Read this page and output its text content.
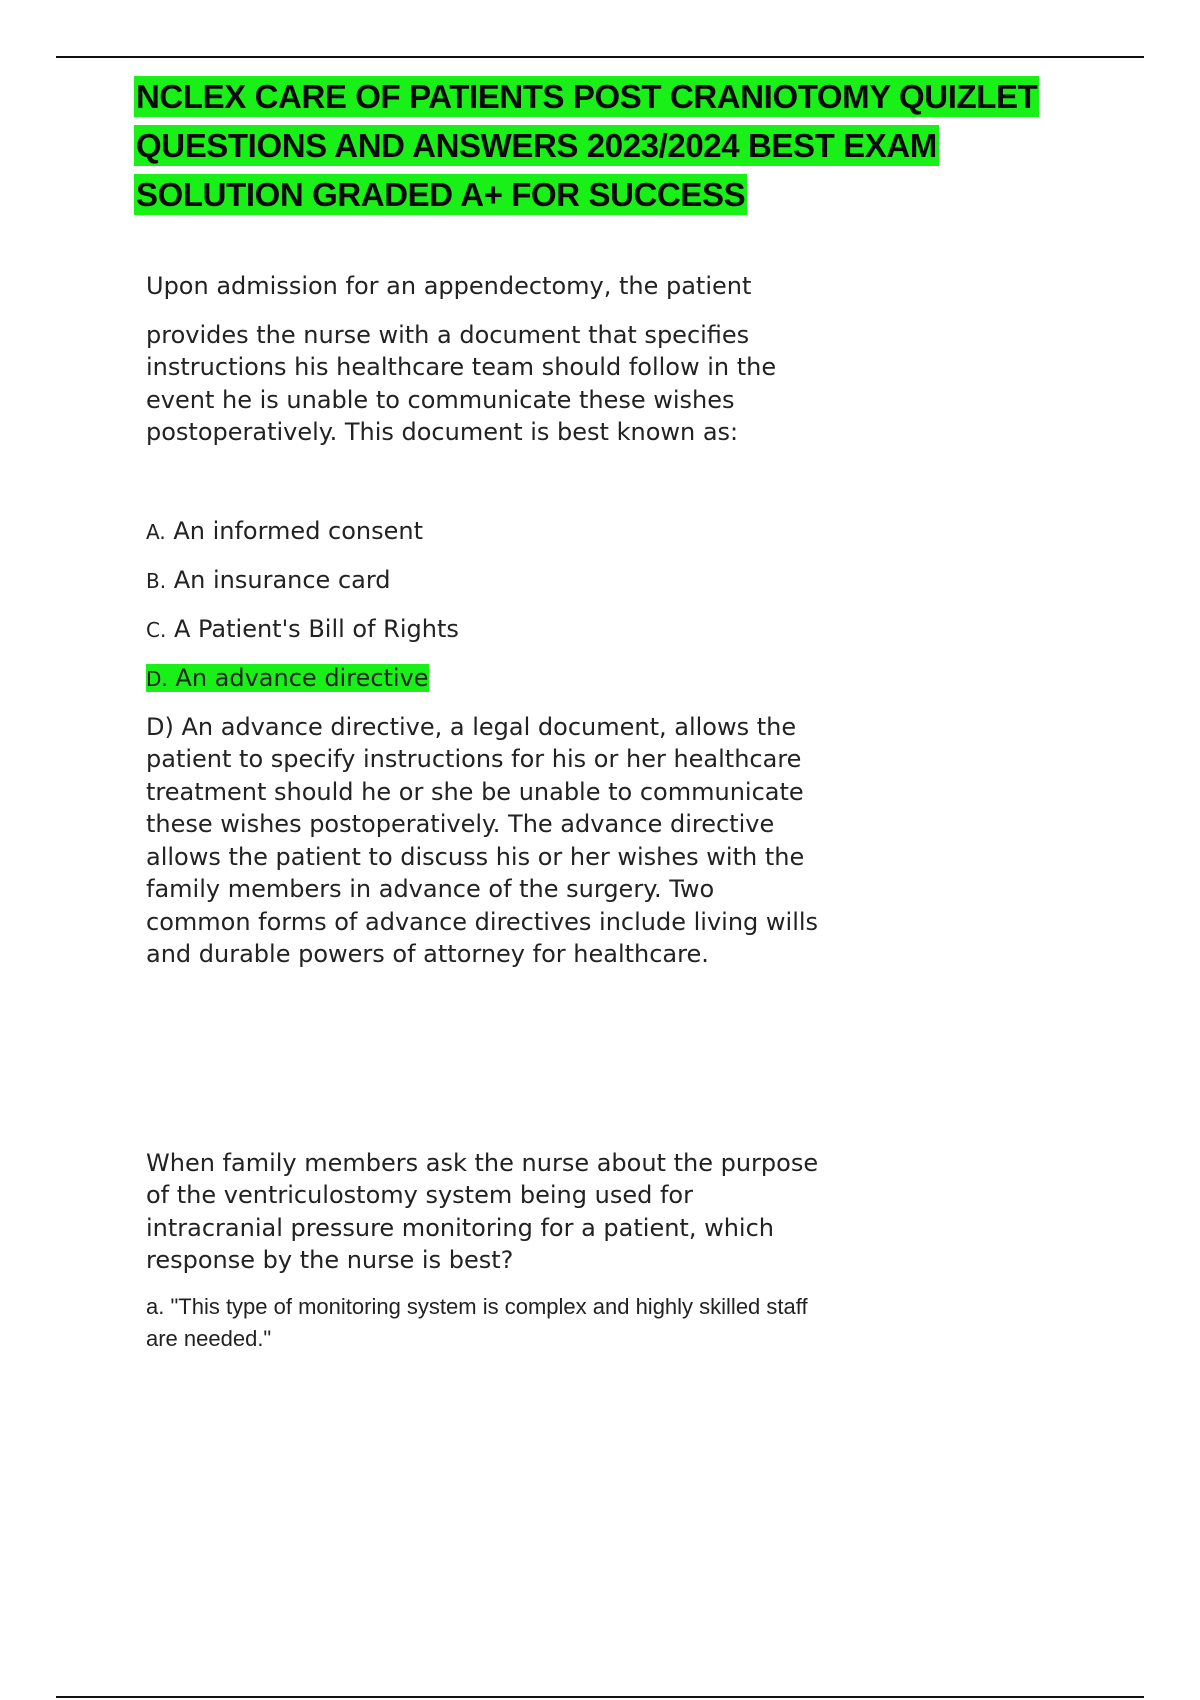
NCLEX CARE OF PATIENTS POST CRANIOTOMY QUIZLET QUESTIONS AND ANSWERS 2023/2024 BEST EXAM SOLUTION GRADED A+ FOR SUCCESS

Upon admission for an appendectomy, the patient

provides the nurse with a document that specifies instructions his healthcare team should follow in the event he is unable to communicate these wishes postoperatively. This document is best known as:

A. An informed consent

B. An insurance card

C. A Patient's Bill of Rights

D. An advance directive

D) An advance directive, a legal document, allows the patient to specify instructions for his or her healthcare treatment should he or she be unable to communicate these wishes postoperatively. The advance directive allows the patient to discuss his or her wishes with the family members in advance of the surgery. Two common forms of advance directives include living wills and durable powers of attorney for healthcare.

When family members ask the nurse about the purpose of the ventriculostomy system being used for intracranial pressure monitoring for a patient, which response by the nurse is best?

a. "This type of monitoring system is complex and highly skilled staff are needed."
